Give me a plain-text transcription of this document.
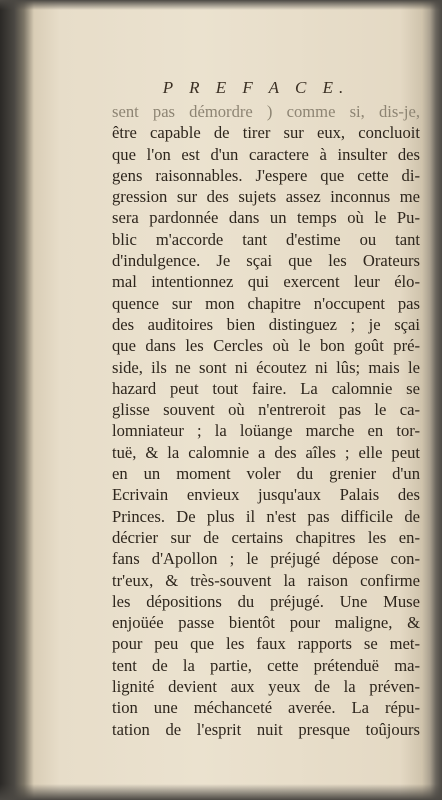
P R E F A C E.
sent pas démordre ) comme si, dis-je,
être capable de tirer sur eux, concluoit
que l'on est d'un caractere à insulter des
gens raisonnables. J'espere que cette di-
gression sur des sujets assez inconnus me
sera pardonnée dans un temps où le Pu-
blic m'accorde tant d'estime ou tant
d'indulgence. Je sçai que les Orateurs
mal intentionnez qui exercent leur élo-
quence sur mon chapitre n'occupent pas
des auditoires bien distinguez ; je sçai
que dans les Cercles où le bon goût pré-
side, ils ne sont ni écoutez ni lûs; mais le
hazard peut tout faire. La calomnie se
glisse souvent où n'entreroit pas le ca-
lomniateur ; la loüange marche en tor-
tuë, & la calomnie a des aîles ; elle peut
en un moment voler du grenier d'un
Ecrivain envieux jusqu'aux Palais des
Princes. De plus il n'est pas difficile de
décrier sur de certains chapitres les en-
fans d'Apollon ; le préjugé dépose con-
tr'eux, & très-souvent la raison confirme
les dépositions du préjugé. Une Muse
enjoüée passe bientôt pour maligne, &
pour peu que les faux rapports se met-
tent de la partie, cette prétenduë ma-
lignité devient aux yeux de la préven-
tion une méchanceté averée. La répu-
tation de l'esprit nuit presque toûjours
